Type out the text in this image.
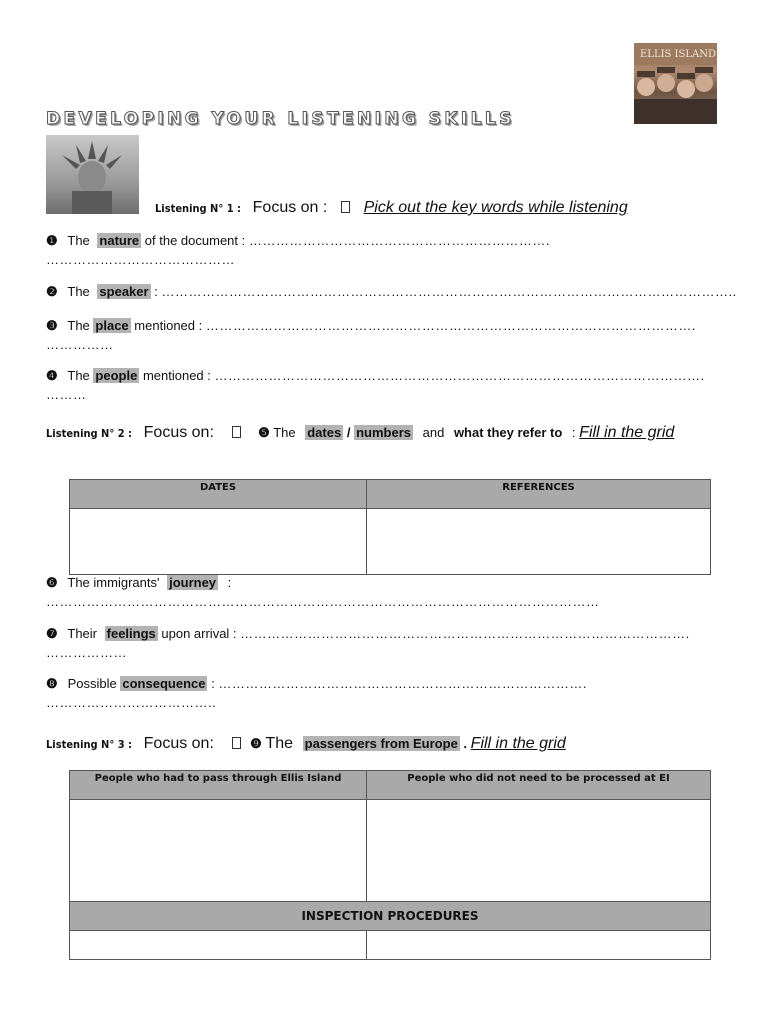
ELLIS ISLAND
DEVELOPING YOUR LISTENING SKILLS
Listening N° 1 : Focus on : Pick out the key words while listening
❶ The nature of the document : ………………………………………………………….
……………………………………
❷ The speaker : ………………………………………………………………………………………………………………..
❸ The place mentioned : ……………………………………………………………………………………………….
……………
❹ The people mentioned : ……………………………………………………………………………………………….
………
Listening N° 2 : Focus on:	❺ The dates / numbers and what they refer to : Fill in the grid
DATES	REFERENCES

❻ The immigrants' journey :
……………………………………………………………………………………………………………
❼ Their feelings upon arrival : ……………………………………………………………………………………….
………………
❽ Possible consequence : ……………………………………………………………………….
………………………………..
Listening N° 3 : Focus on:	❾ The passengers from Europe . Fill in the grid
People who had to pass through Ellis Island	People who did not need to be processed at EI

INSPECTION PROCEDURES	
